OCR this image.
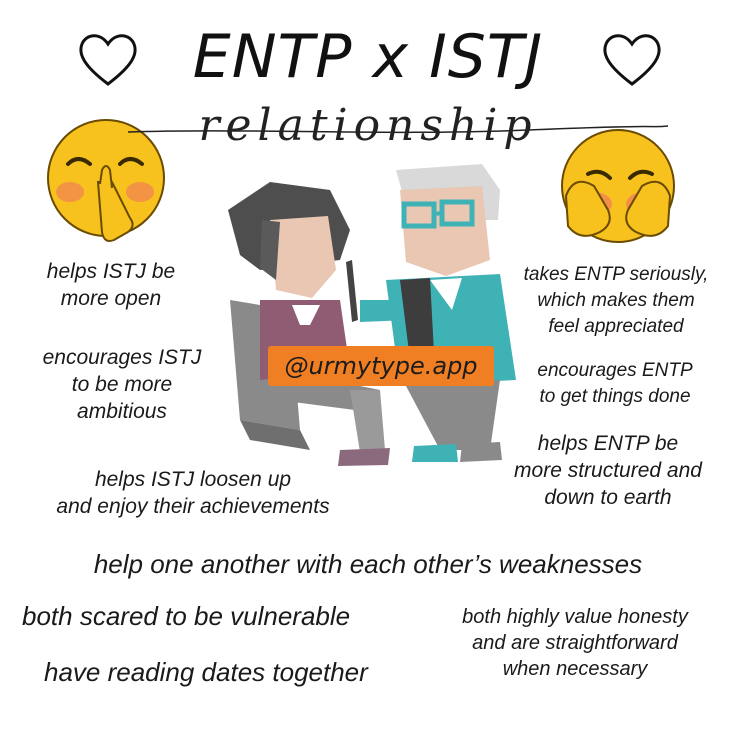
ENTP x ISTJ
relationship
@urmytype.app
helps ISTJ be
more open
encourages ISTJ
to be more
ambitious
helps ISTJ loosen up
and enjoy their achievements
takes ENTP seriously,
which makes them
feel appreciated
encourages ENTP
to get things done
helps ENTP be
more structured and
down to earth
help one another with each other’s weaknesses
both scared to be vulnerable
have reading dates together
both highly value honesty
and are straightforward
when necessary
